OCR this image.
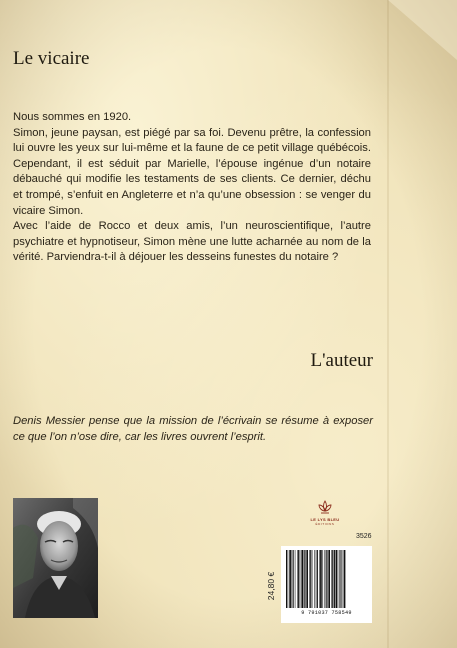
Le vicaire

Nous sommes en 1920.

Simon, jeune paysan, est piégé par sa foi. Devenu prêtre, la confession lui ouvre les yeux sur lui-même et la faune de ce petit village québécois. Cependant, il est séduit par Marielle, l’épouse ingénue d’un notaire débauché qui modifie les testaments de ses clients. Ce dernier, déchu et trompé, s’enfuit en Angleterre et n’a qu’une obsession : se venger du vicaire Simon.

Avec l’aide de Rocco et deux amis, l’un neuroscientifique, l’autre psychiatre et hypnotiseur, Simon mène une lutte acharnée au nom de la vérité. Parviendra-t-il à déjouer les desseins funestes du notaire ?

L'auteur
Denis Messier pense que la mission de l’écrivain se résume à exposer ce que l’on n’ose dire, car les livres ouvrent l’esprit.
LE LYS BLEU
ÉDITIONS
3526
24,80 €
9 791037 758549
